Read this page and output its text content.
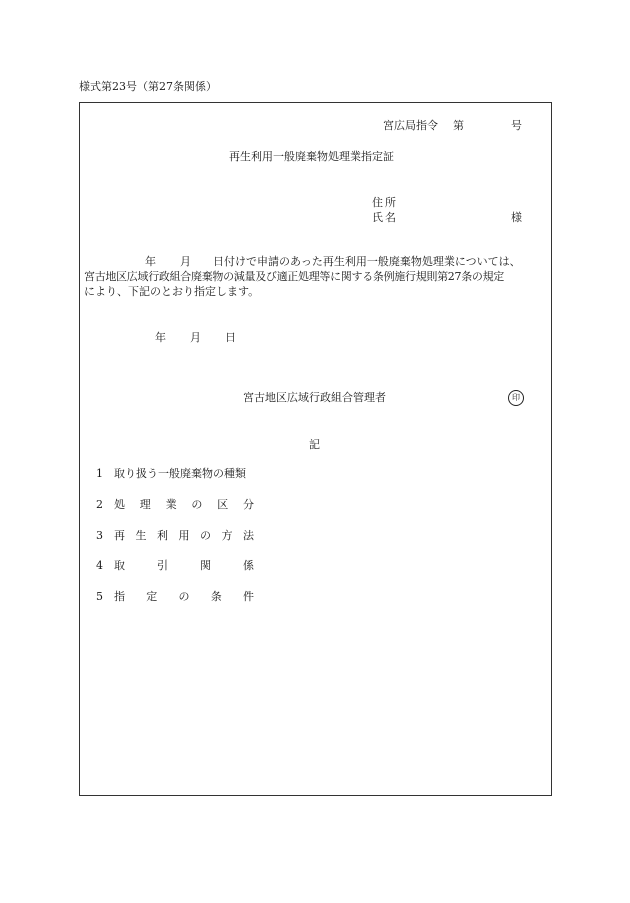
様式第23号（第27条関係）
宮広局指令 第	号
再生利用一般廃棄物処理業指定証
住 所
氏 名	様
年 月 日付けで申請のあった再生利用一般廃棄物処理業については、
宮古地区広域行政組合廃棄物の減量及び適正処理等に関する条例施行規則第27条の規定
により、下記のとおり指定します。
年 月 日
宮古地区広域行政組合管理者	印
記
1 取り扱う一般廃棄物の種類
2 処 理 業 の 区 分
3 再 生 利 用 の 方 法
4 取	引	関	係
5 指 定 の 条 件
